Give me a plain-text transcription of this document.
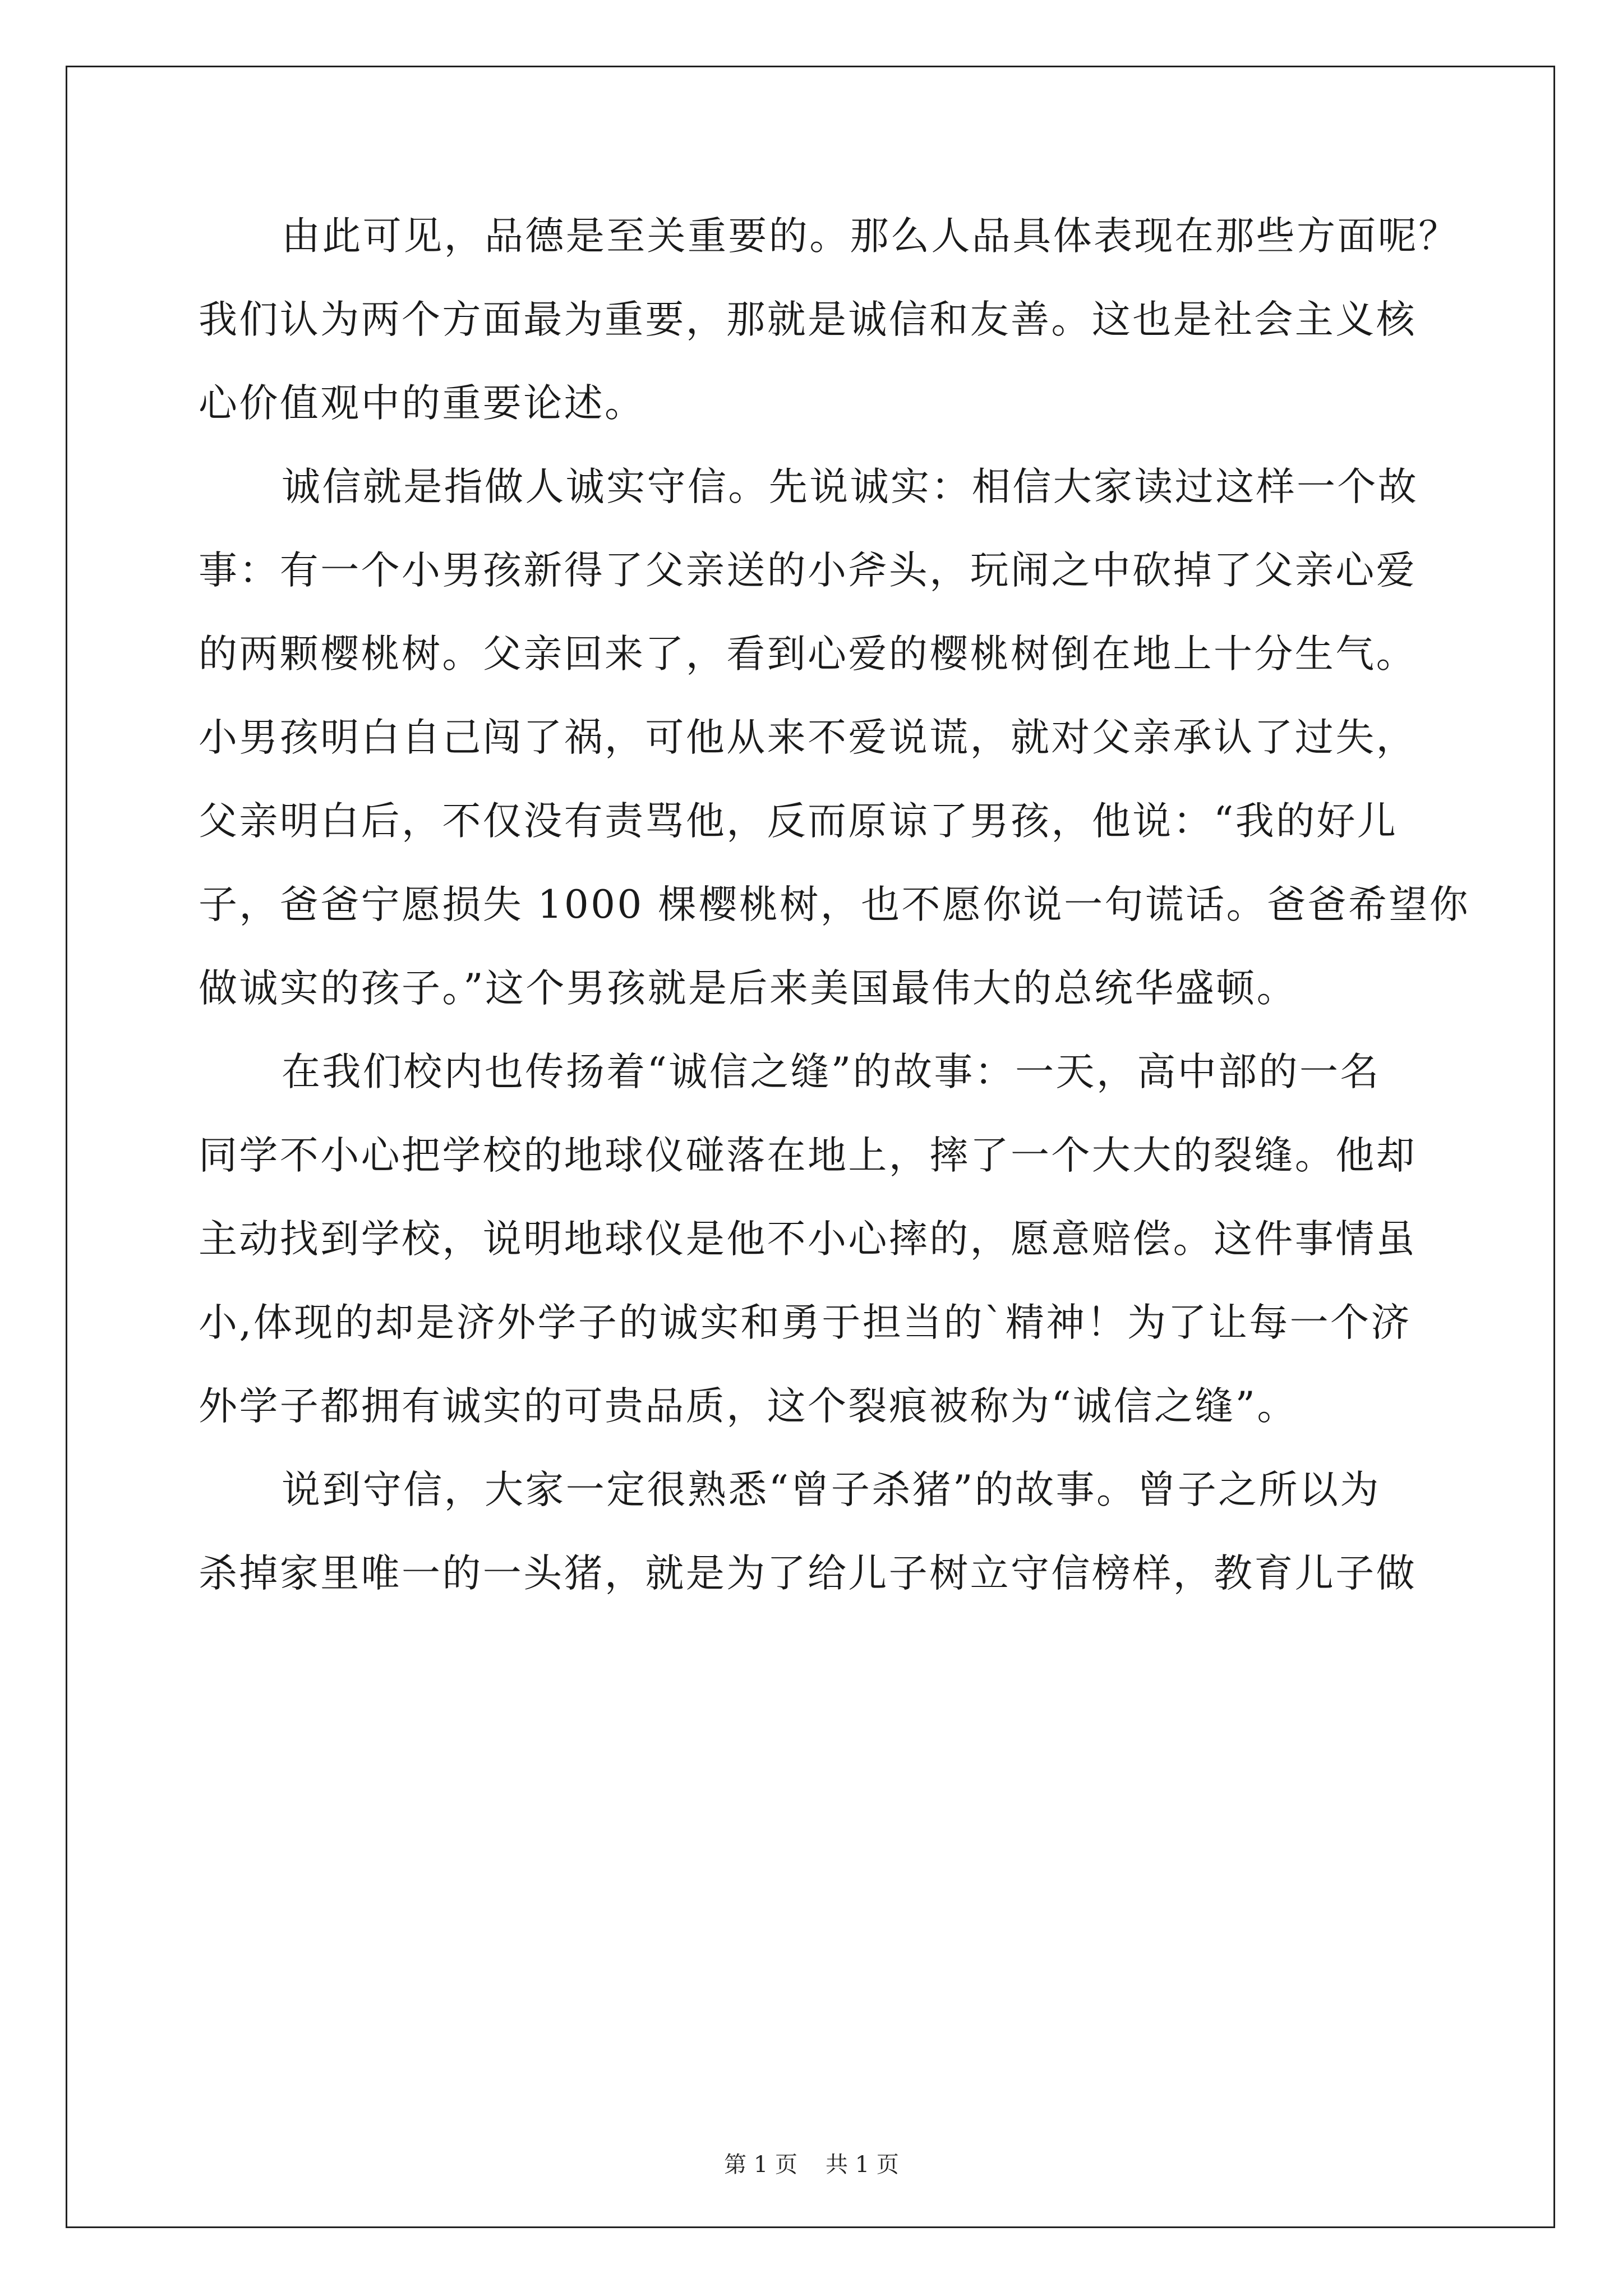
由此可见，品德是至关重要的。那么人品具体表现在那些方面呢？
我们认为两个方面最为重要，那就是诚信和友善。这也是社会主义核
心价值观中的重要论述。
诚信就是指做人诚实守信。先说诚实：相信大家读过这样一个故
事：有一个小男孩新得了父亲送的小斧头，玩闹之中砍掉了父亲心爱
的两颗樱桃树。父亲回来了，看到心爱的樱桃树倒在地上十分生气。
小男孩明白自己闯了祸，可他从来不爱说谎，就对父亲承认了过失，
父亲明白后，不仅没有责骂他，反而原谅了男孩，他说：“我的好儿
子，爸爸宁愿损失 1000 棵樱桃树，也不愿你说一句谎话。爸爸希望你
做诚实的孩子。”这个男孩就是后来美国最伟大的总统华盛顿。
在我们校内也传扬着“诚信之缝”的故事：一天，高中部的一名
同学不小心把学校的地球仪碰落在地上，摔了一个大大的裂缝。他却
主动找到学校，说明地球仪是他不小心摔的，愿意赔偿。这件事情虽
小,体现的却是济外学子的诚实和勇于担当的`精神！为了让每一个济
外学子都拥有诚实的可贵品质，这个裂痕被称为“诚信之缝”。
说到守信，大家一定很熟悉“曾子杀猪”的故事。曾子之所以为
杀掉家里唯一的一头猪，就是为了给儿子树立守信榜样，教育儿子做
第 1 页 共 1 页
